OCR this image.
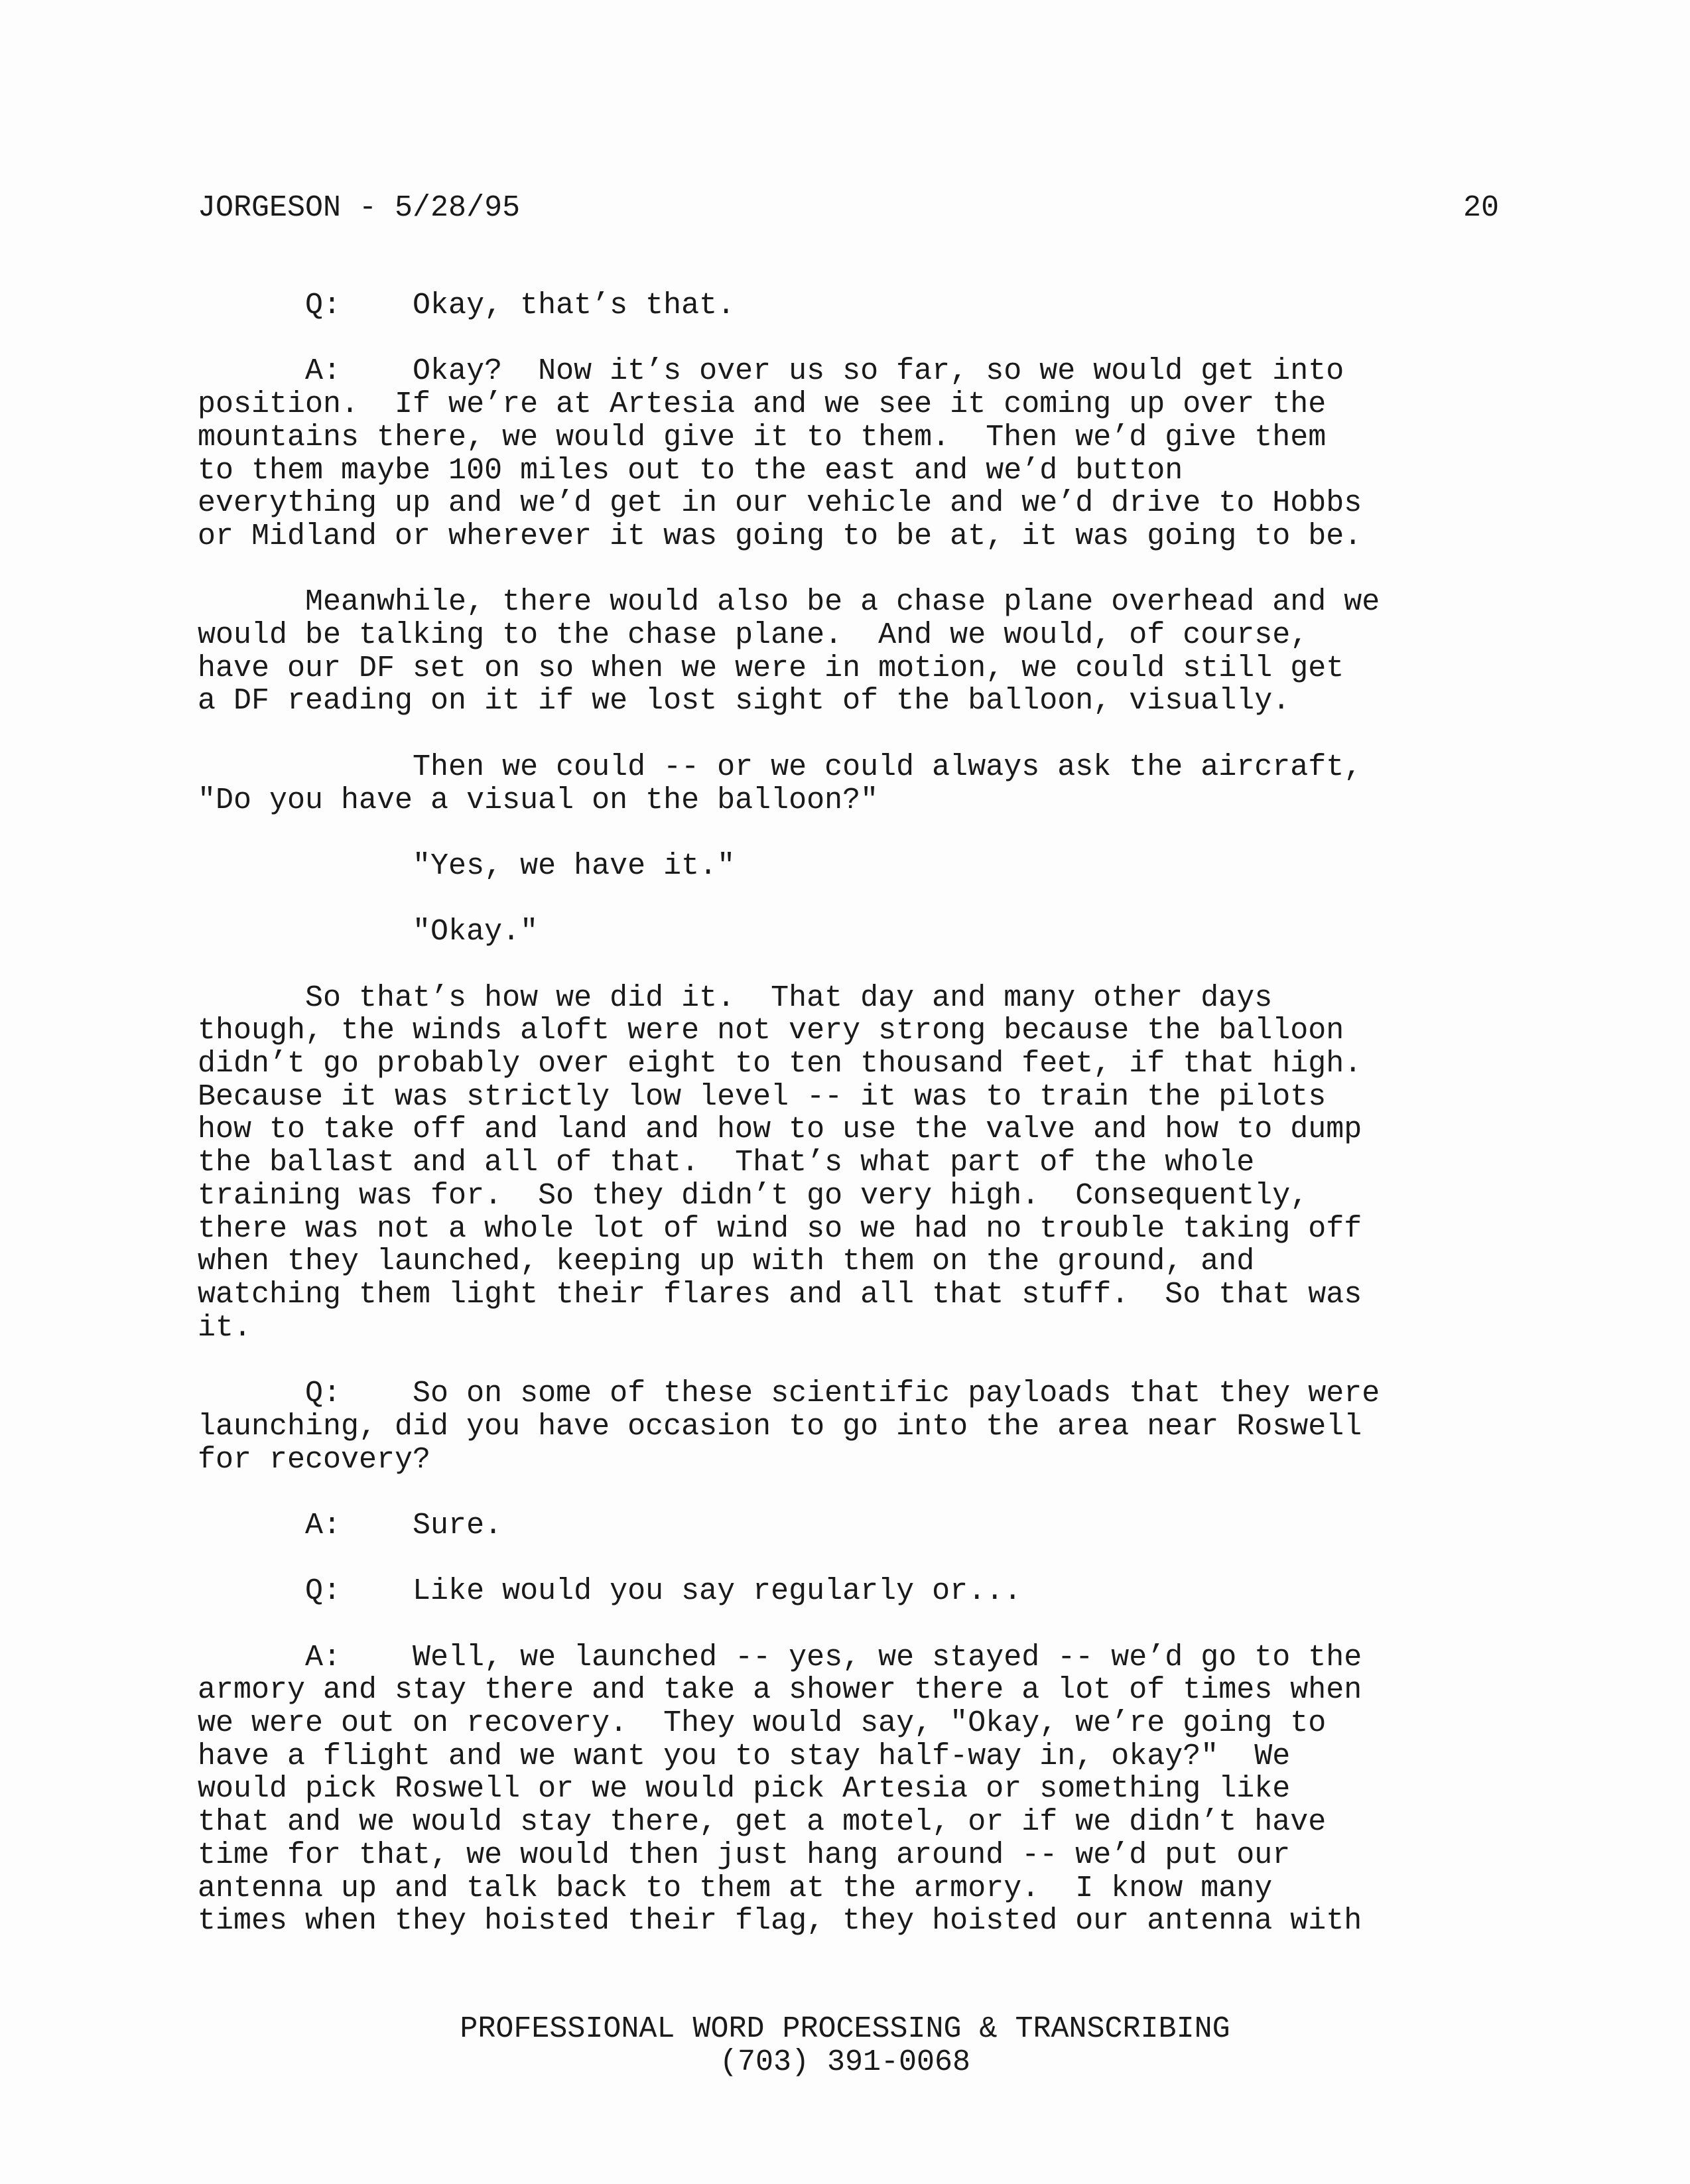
JORGESON - 5/28/95	20
Q:    Okay, that’s that.
A:    Okay?  Now it’s over us so far, so we would get into
position.  If we’re at Artesia and we see it coming up over the
mountains there, we would give it to them.  Then we’d give them
to them maybe 100 miles out to the east and we’d button
everything up and we’d get in our vehicle and we’d drive to Hobbs
or Midland or wherever it was going to be at, it was going to be.
Meanwhile, there would also be a chase plane overhead and we
would be talking to the chase plane.  And we would, of course,
have our DF set on so when we were in motion, we could still get
a DF reading on it if we lost sight of the balloon, visually.
Then we could -- or we could always ask the aircraft,
"Do you have a visual on the balloon?"
"Yes, we have it."
"Okay."
So that’s how we did it.  That day and many other days
though, the winds aloft were not very strong because the balloon
didn’t go probably over eight to ten thousand feet, if that high.
Because it was strictly low level -- it was to train the pilots
how to take off and land and how to use the valve and how to dump
the ballast and all of that.  That’s what part of the whole
training was for.  So they didn’t go very high.  Consequently,
there was not a whole lot of wind so we had no trouble taking off
when they launched, keeping up with them on the ground, and
watching them light their flares and all that stuff.  So that was
it.
Q:    So on some of these scientific payloads that they were
launching, did you have occasion to go into the area near Roswell
for recovery?
A:    Sure.
Q:    Like would you say regularly or...
A:    Well, we launched -- yes, we stayed -- we’d go to the
armory and stay there and take a shower there a lot of times when
we were out on recovery.  They would say, "Okay, we’re going to
have a flight and we want you to stay half-way in, okay?"  We
would pick Roswell or we would pick Artesia or something like
that and we would stay there, get a motel, or if we didn’t have
time for that, we would then just hang around -- we’d put our
antenna up and talk back to them at the armory.  I know many
times when they hoisted their flag, they hoisted our antenna with
PROFESSIONAL WORD PROCESSING & TRANSCRIBING
(703) 391-0068
